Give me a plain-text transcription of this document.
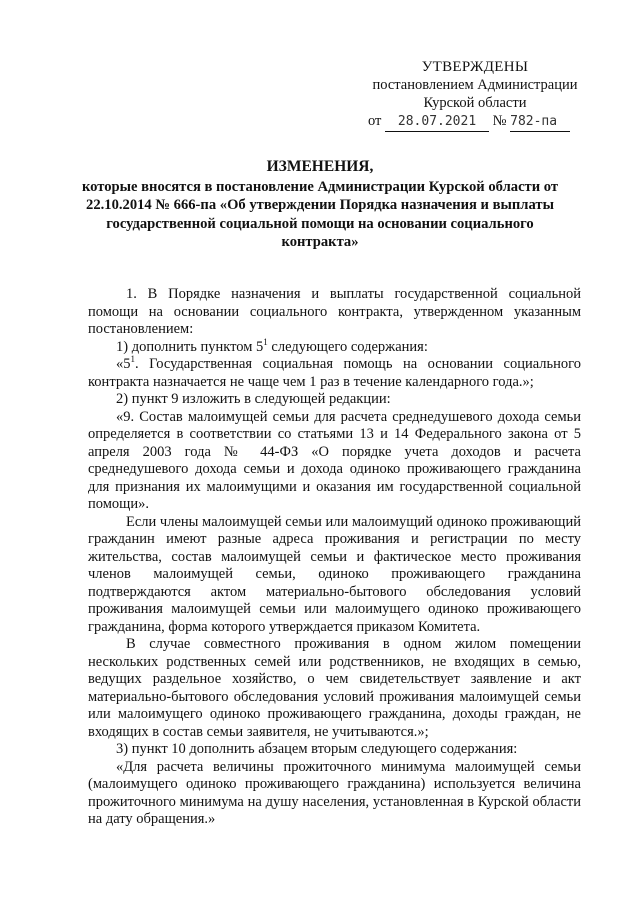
УТВЕРЖДЕНЫ
постановлением Администрации
Курской области
от 28.07.2021 № 782-па
ИЗМЕНЕНИЯ,
которые вносятся в постановление Администрации Курской области от 22.10.2014 № 666-па «Об утверждении Порядка назначения и выплаты государственной социальной помощи на основании социального контракта»

1. В Порядке назначения и выплаты государственной социальной помощи на основании социального контракта, утвержденном указанным постановлением:

1) дополнить пунктом $5^1$ следующего содержания:

«$5^1$. Государственная социальная помощь на основании социального контракта назначается не чаще чем 1 раз в течение календарного года.»;

2) пункт 9 изложить в следующей редакции:

«9. Состав малоимущей семьи для расчета среднедушевого дохода семьи определяется в соответствии со статьями 13 и 14 Федерального закона от 5 апреля 2003 года № 44-ФЗ «О порядке учета доходов и расчета среднедушевого дохода семьи и дохода одиноко проживающего гражданина для признания их малоимущими и оказания им государственной социальной помощи».

Если члены малоимущей семьи или малоимущий одиноко проживающий гражданин имеют разные адреса проживания и регистрации по месту жительства, состав малоимущей семьи и фактическое место проживания членов малоимущей семьи, одиноко проживающего гражданина подтверждаются актом материально-бытового обследования условий проживания малоимущей семьи или малоимущего одиноко проживающего гражданина, форма которого утверждается приказом Комитета.

В случае совместного проживания в одном жилом помещении нескольких родственных семей или родственников, не входящих в семью, ведущих раздельное хозяйство, о чем свидетельствует заявление и акт материально-бытового обследования условий проживания малоимущей семьи или малоимущего одиноко проживающего гражданина, доходы граждан, не входящих в состав семьи заявителя, не учитываются.»;

3) пункт 10 дополнить абзацем вторым следующего содержания:

«Для расчета величины прожиточного минимума малоимущей семьи (малоимущего одиноко проживающего гражданина) используется величина прожиточного минимума на душу населения, установленная в Курской области на дату обращения.»
